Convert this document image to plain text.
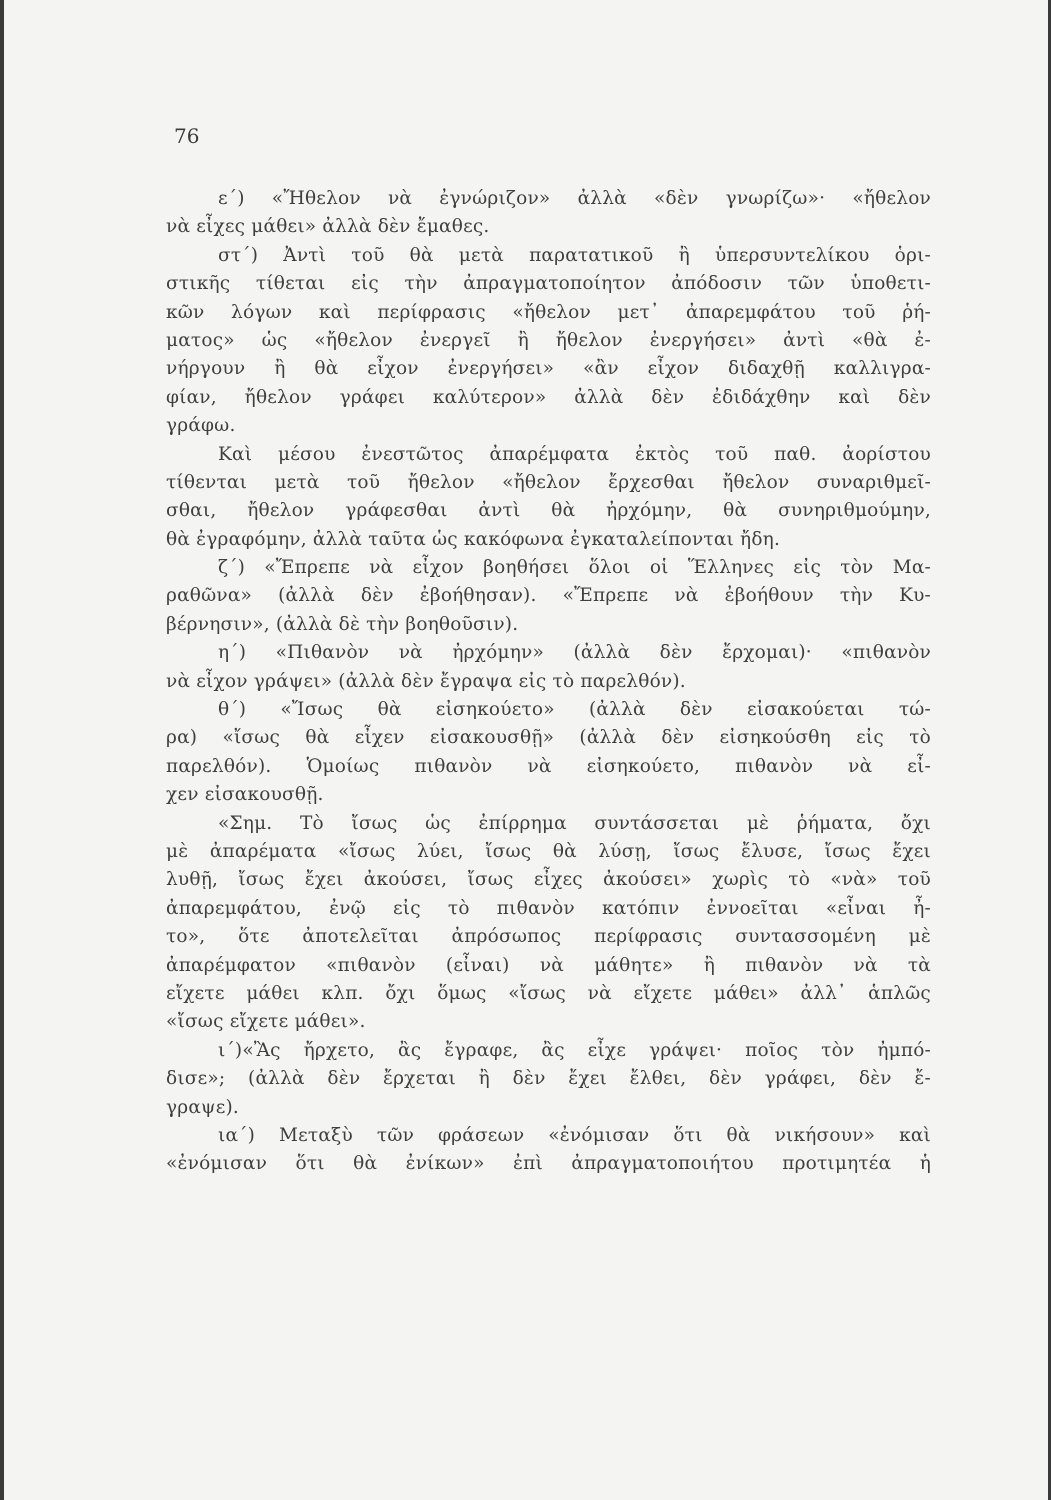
76
ε΄) «Ἤθελον νὰ ἐγνώριζον» ἀλλὰ «δὲν γνωρίζω»· «ἤθελον
νὰ εἶχες μάθει» ἀλλὰ δὲν ἔμαθες.
στ΄) Ἀντὶ τοῦ θὰ μετὰ παρατατικοῦ ἢ ὑπερσυντελίκου ὁρι-
στικῆς τίθεται εἰς τὴν ἀπραγματοποίητον ἀπόδοσιν τῶν ὑποθετι-
κῶν λόγων καὶ περίφρασις «ἤθελον μετ᾽ ἀπαρεμφάτου τοῦ ῥή-
ματος» ὡς «ἤθελον ἐνεργεῖ ἢ ἤθελον ἐνεργήσει» ἀντὶ «θὰ ἐ-
νήργουν ἢ θὰ εἶχον ἐνεργήσει» «ἂν εἶχον διδαχθῇ καλλιγρα-
φίαν, ἤθελον γράφει καλύτερον» ἀλλὰ δὲν ἐδιδάχθην καὶ δὲν
γράφω.
Καὶ μέσου ἐνεστῶτος ἀπαρέμφατα ἐκτὸς τοῦ παθ. ἀορίστου
τίθενται μετὰ τοῦ ἤθελον «ἤθελον ἔρχεσθαι ἤθελον συναριθμεῖ-
σθαι, ἤθελον γράφεσθαι ἀντὶ θὰ ἠρχόμην, θὰ συνηριθμούμην,
θὰ ἐγραφόμην, ἀλλὰ ταῦτα ὡς κακόφωνα ἐγκαταλείπονται ἤδη.
ζ΄) «Ἔπρεπε νὰ εἶχον βοηθήσει ὅλοι οἱ Ἕλληνες εἰς τὸν Μα-
ραθῶνα» (ἀλλὰ δὲν ἐβοήθησαν). «Ἔπρεπε νὰ ἐβοήθουν τὴν Κυ-
βέρνησιν», (ἀλλὰ δὲ τὴν βοηθοῦσιν).
η΄) «Πιθανὸν νὰ ἠρχόμην» (ἀλλὰ δὲν ἔρχομαι)· «πιθανὸν
νὰ εἶχον γράψει» (ἀλλὰ δὲν ἔγραψα εἰς τὸ παρελθόν).
θ΄) «Ἴσως θὰ εἰσηκούετο» (ἀλλὰ δὲν εἰσακούεται τώ-
ρα) «ἴσως θὰ εἶχεν εἰσακουσθῇ» (ἀλλὰ δὲν εἰσηκούσθη εἰς τὸ
παρελθόν). Ὁμοίως πιθανὸν νὰ εἰσηκούετο, πιθανὸν νὰ εἶ-
χεν εἰσακουσθῇ.
«Σημ. Τὸ ἴσως ὡς ἐπίρρημα συντάσσεται μὲ ῥήματα, ὄχι
μὲ ἀπαρέματα «ἴσως λύει, ἴσως θὰ λύσῃ, ἴσως ἔλυσε, ἴσως ἔχει
λυθῇ, ἴσως ἔχει ἀκούσει, ἴσως εἶχες ἀκούσει» χωρὶς τὸ «νὰ» τοῦ
ἀπαρεμφάτου, ἐνῷ εἰς τὸ πιθανὸν κατόπιν ἐννοεῖται «εἶναι ἦ-
το», ὅτε ἀποτελεῖται ἀπρόσωπος περίφρασις συντασσομένη μὲ
ἀπαρέμφατον «πιθανὸν (εἶναι) νὰ μάθητε» ἢ πιθανὸν νὰ τὰ
εἴχετε μάθει κλπ. ὄχι ὅμως «ἴσως νὰ εἴχετε μάθει» ἀλλ᾽ ἁπλῶς
«ἴσως εἴχετε μάθει».
ι΄)«Ἂς ἤρχετο, ἂς ἔγραφε, ἂς εἶχε γράψει· ποῖος τὸν ἠμπό-
δισε»; (ἀλλὰ δὲν ἔρχεται ἢ δὲν ἔχει ἔλθει, δὲν γράφει, δὲν ἔ-
γραψε).
ια΄) Μεταξὺ τῶν φράσεων «ἐνόμισαν ὅτι θὰ νικήσουν» καὶ
«ἐνόμισαν ὅτι θὰ ἐνίκων» ἐπὶ ἀπραγματοποιήτου προτιμητέα ἡ
